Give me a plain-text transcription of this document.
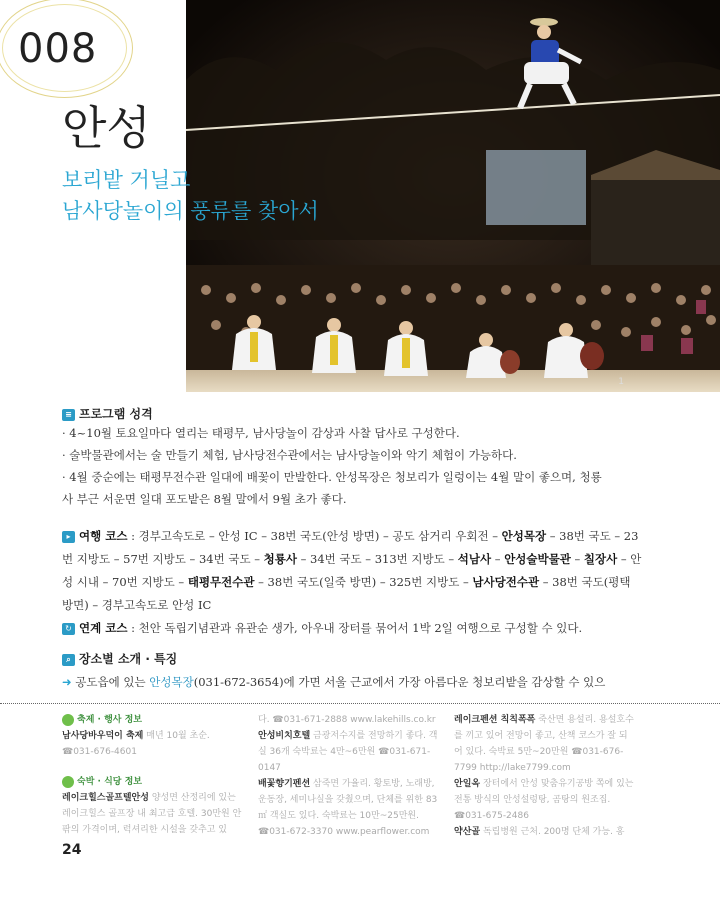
1
008
안성
보리밭 거닐고
남사당놀이의 풍류를 찾아서
≡ 프로그램 성격
· 4~10월 토요일마다 열리는 태평무, 남사당놀이 감상과 사찰 답사로 구성한다.
· 술박물관에서는 술 만들기 체험, 남사당전수관에서는 남사당놀이와 악기 체험이 가능하다.
· 4월 중순에는 태평무전수관 일대에 배꽃이 만발한다. 안성목장은 청보리가 일렁이는 4월 말이 좋으며, 청룡
사 부근 서운면 일대 포도밭은 8월 말에서 9월 초가 좋다.
▸ 여행 코스 : 경부고속도로 – 안성 IC – 38번 국도(안성 방면) – 공도 삼거리 우회전 – 안성목장 – 38번 국도 – 23번 지방도 – 57번 지방도 – 34번 국도 – 청룡사 – 34번 국도 – 313번 지방도 – 석남사 – 안성술박물관 – 칠장사 – 안성 시내 – 70번 지방도 – 태평무전수관 – 38번 국도(일죽 방면) – 325번 지방도 – 남사당전수관 – 38번 국도(평택 방면) – 경부고속도로 안성 IC
↻ 연계 코스 : 천안 독립기념관과 유관순 생가, 아우내 장터를 묶어서 1박 2일 여행으로 구성할 수 있다.
⌕ 장소별 소개 · 특징
➜ 공도읍에 있는 안성목장(031-672-3654)에 가면 서울 근교에서 가장 아름다운 청보리밭을 감상할 수 있으
축제 · 행사 정보
남사당바우덕이 축제 매년 10월 초순.
☎031-676-4601
숙박 · 식당 정보
레이크힐스골프텔안성 양성면 산정리에 있는 레이크힐스 골프장 내 최고급 호텔. 30만원 안팎의 가격이며, 럭셔리한 시설을 갖추고 있
다. ☎031-671-2888 www.lakehills.co.kr
안성비치호텔 금광저수지를 전망하기 좋다. 객실 36개 숙박료는 4만~6만원 ☎031-671-0147
배꽃향기펜션 삼죽면 가율리. 황토방, 노래방, 운동장, 세미나실을 갖췄으며, 단체를 위한 83㎡ 객실도 있다. 숙박료는 10만~25만원. ☎031-672-3370 www.pearflower.com
레이크펜션 칙칙폭폭 죽산면 용설리. 용설호수를 끼고 있어 전망이 좋고, 산책 코스가 잘 되어 있다. 숙박료 5만~20만원 ☎031-676-7799 http://lake7799.com
안일옥 장터에서 안성 맞춤유기공방 쪽에 있는 전통 방식의 안성설렁탕, 곰탕의 원조집. ☎031-675-2486
약산골 독립병원 근처. 200명 단체 가능. 홍
24
